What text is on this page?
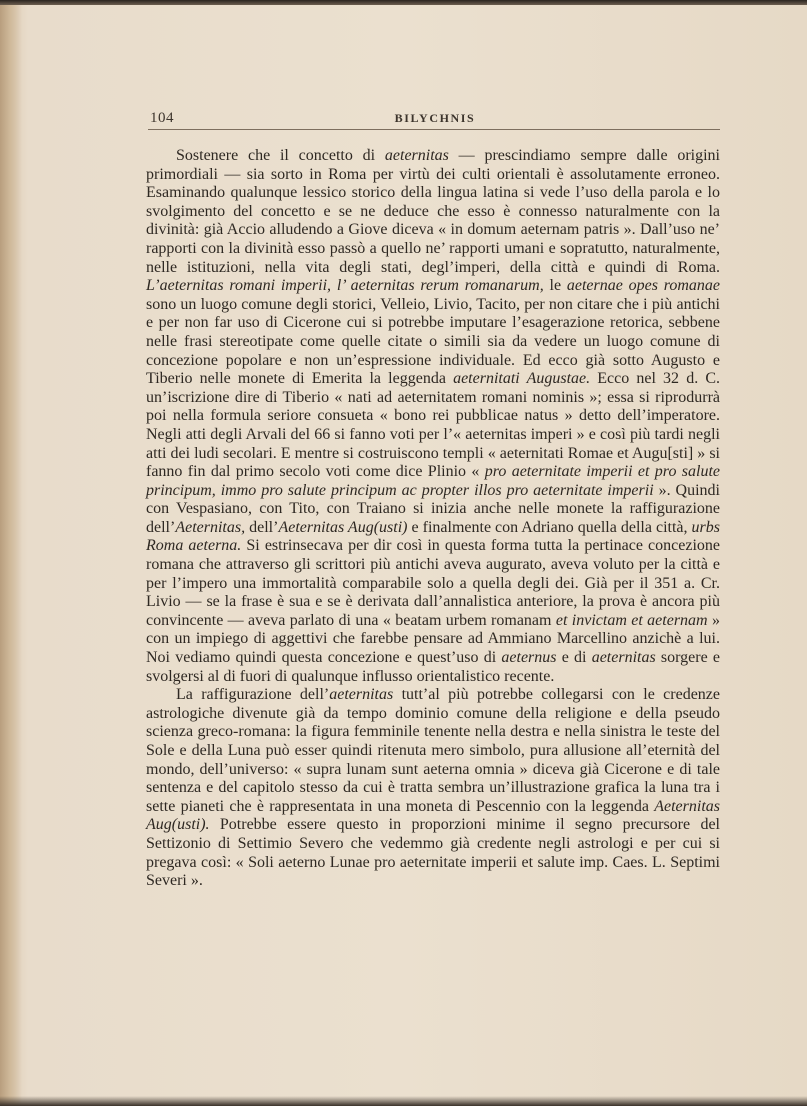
104	BILYCHNIS

Sostenere che il concetto di aeternitas — prescindiamo sempre dalle origini primordiali — sia sorto in Roma per virtù dei culti orientali è assolutamente erroneo. Esaminando qualunque lessico storico della lingua latina si vede l’uso della parola e lo svolgimento del concetto e se ne deduce che esso è connesso naturalmente con la divinità: già Accio alludendo a Giove diceva « in domum aeternam patris ». Dall’uso ne’ rapporti con la divinità esso passò a quello ne’ rapporti umani e sopratutto, naturalmente, nelle istituzioni, nella vita degli stati, degl’imperi, della città e quindi di Roma. L’aeternitas romani imperii, l’ aeternitas rerum romanarum, le aeternae opes romanae sono un luogo comune degli storici, Velleio, Livio, Tacito, per non citare che i più antichi e per non far uso di Cicerone cui si potrebbe imputare l’esagerazione retorica, sebbene nelle frasi stereotipate come quelle citate o simili sia da vedere un luogo comune di concezione popolare e non un’espressione individuale. Ed ecco già sotto Augusto e Tiberio nelle monete di Emerita la leggenda aeternitati Augustae. Ecco nel 32 d. C. un’iscrizione dire di Tiberio « nati ad aeternitatem romani nominis »; essa si riprodurrà poi nella formula seriore consueta « bono rei pubblicae natus » detto dell’imperatore. Negli atti degli Arvali del 66 si fanno voti per l’« aeternitas imperi » e così più tardi negli atti dei ludi secolari. E mentre si costruiscono templi « aeternitati Romae et Augu[sti] » si fanno fin dal primo secolo voti come dice Plinio « pro aeternitate imperii et pro salute principum, immo pro salute principum ac propter illos pro aeternitate imperii ». Quindi con Vespasiano, con Tito, con Traiano si inizia anche nelle monete la raffigurazione dell’Aeternitas, dell’Aeternitas Aug(usti) e finalmente con Adriano quella della città, urbs Roma aeterna. Si estrinsecava per dir così in questa forma tutta la pertinace concezione romana che attraverso gli scrittori più antichi aveva augurato, aveva voluto per la città e per l’impero una immortalità comparabile solo a quella degli dei. Già per il 351 a. Cr. Livio — se la frase è sua e se è derivata dall’annalistica anteriore, la prova è ancora più convincente — aveva parlato di una « beatam urbem romanam et invictam et aeternam » con un impiego di aggettivi che farebbe pensare ad Ammiano Marcellino anzichè a lui. Noi vediamo quindi questa concezione e quest’uso di aeternus e di aeternitas sorgere e svolgersi al di fuori di qualunque influsso orientalistico recente.

La raffigurazione dell’aeternitas tutt’al più potrebbe collegarsi con le credenze astrologiche divenute già da tempo dominio comune della religione e della pseudo scienza greco-romana: la figura femminile tenente nella destra e nella sinistra le teste del Sole e della Luna può esser quindi ritenuta mero simbolo, pura allusione all’eternità del mondo, dell’universo: « supra lunam sunt aeterna omnia » diceva già Cicerone e di tale sentenza e del capitolo stesso da cui è tratta sembra un’illustrazione grafica la luna tra i sette pianeti che è rappresentata in una moneta di Pescennio con la leggenda Aeternitas Aug(usti). Potrebbe essere questo in proporzioni minime il segno precursore del Settizonio di Settimio Severo che vedemmo già credente negli astrologi e per cui si pregava così: « Soli aeterno Lunae pro aeternitate imperii et salute imp. Caes. L. Septimi Severi ».
